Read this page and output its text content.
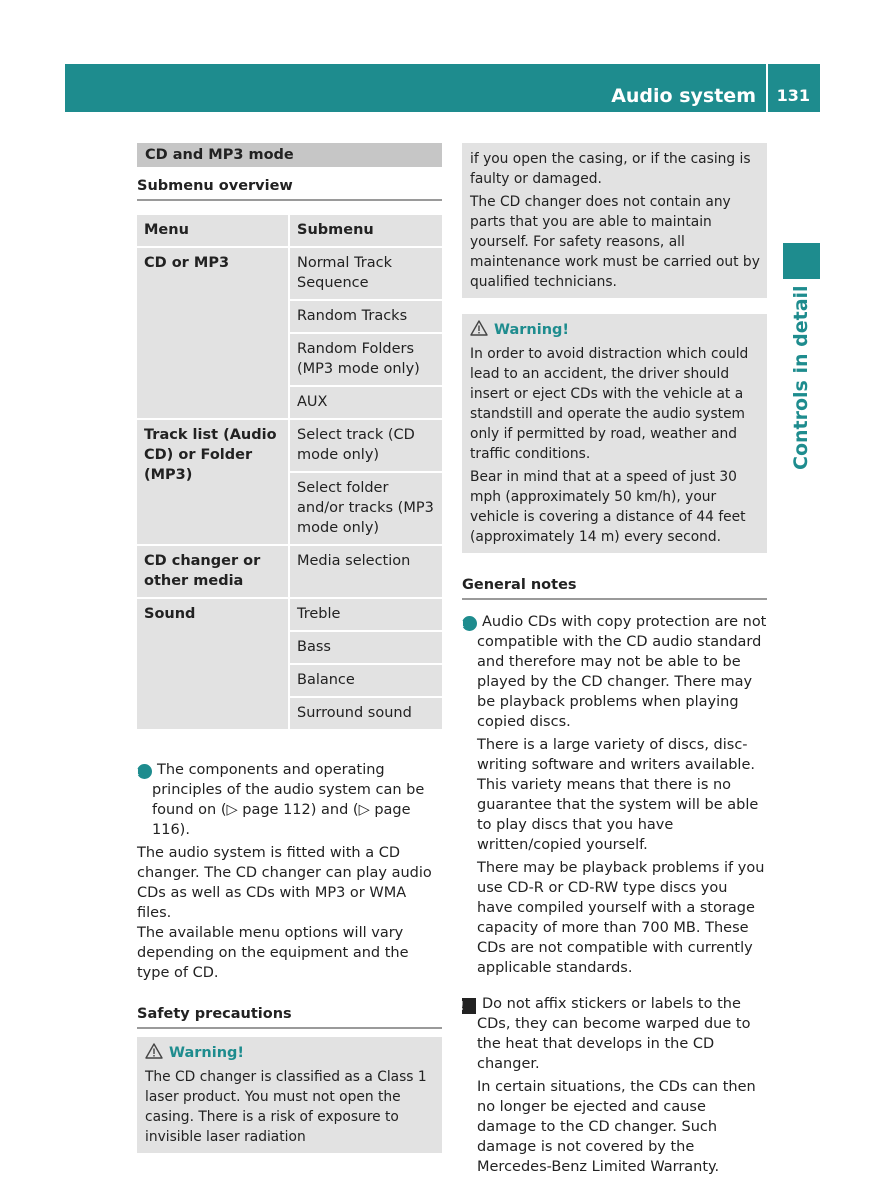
Audio system 131
Controls in detail
CD and MP3 mode
Submenu overview
Menu	Submenu
CD or MP3	Normal Track Sequence
	Random Tracks
	Random Folders (MP3 mode only)
	AUX
Track list (Audio CD) or Folder (MP3)	Select track (CD mode only)
	Select folder and/or tracks (MP3 mode only)
CD changer or other media	Media selection
Sound	Treble
	Bass
	Balance
	Surround sound
i The components and operating principles of the audio system can be found on (▷ page 112) and (▷ page 116).

The audio system is fitted with a CD changer. The CD changer can play audio CDs as well as CDs with MP3 or WMA files.

The available menu options will vary depending on the equipment and the type of CD.

Safety precautions
Warning!

The CD changer is classified as a Class 1 laser product. You must not open the casing. There is a risk of exposure to invisible laser radiation

if you open the casing, or if the casing is faulty or damaged.

The CD changer does not contain any parts that you are able to maintain yourself. For safety reasons, all maintenance work must be carried out by qualified technicians.

Warning!

In order to avoid distraction which could lead to an accident, the driver should insert or eject CDs with the vehicle at a standstill and operate the audio system only if permitted by road, weather and traffic conditions.

Bear in mind that at a speed of just 30 mph (approximately 50 km/h), your vehicle is covering a distance of 44 feet (approximately 14 m) every second.

General notes
i Audio CDs with copy protection are not compatible with the CD audio standard and therefore may not be able to be played by the CD changer. There may be playback problems when playing copied discs.

There is a large variety of discs, disc-writing software and writers available. This variety means that there is no guarantee that the system will be able to play discs that you have written/copied yourself.

There may be playback problems if you use CD-R or CD-RW type discs you have compiled yourself with a storage capacity of more than 700 MB. These CDs are not compatible with currently applicable standards.

! Do not affix stickers or labels to the CDs, they can become warped due to the heat that develops in the CD changer.

In certain situations, the CDs can then no longer be ejected and cause damage to the CD changer. Such damage is not covered by the Mercedes-Benz Limited Warranty.
